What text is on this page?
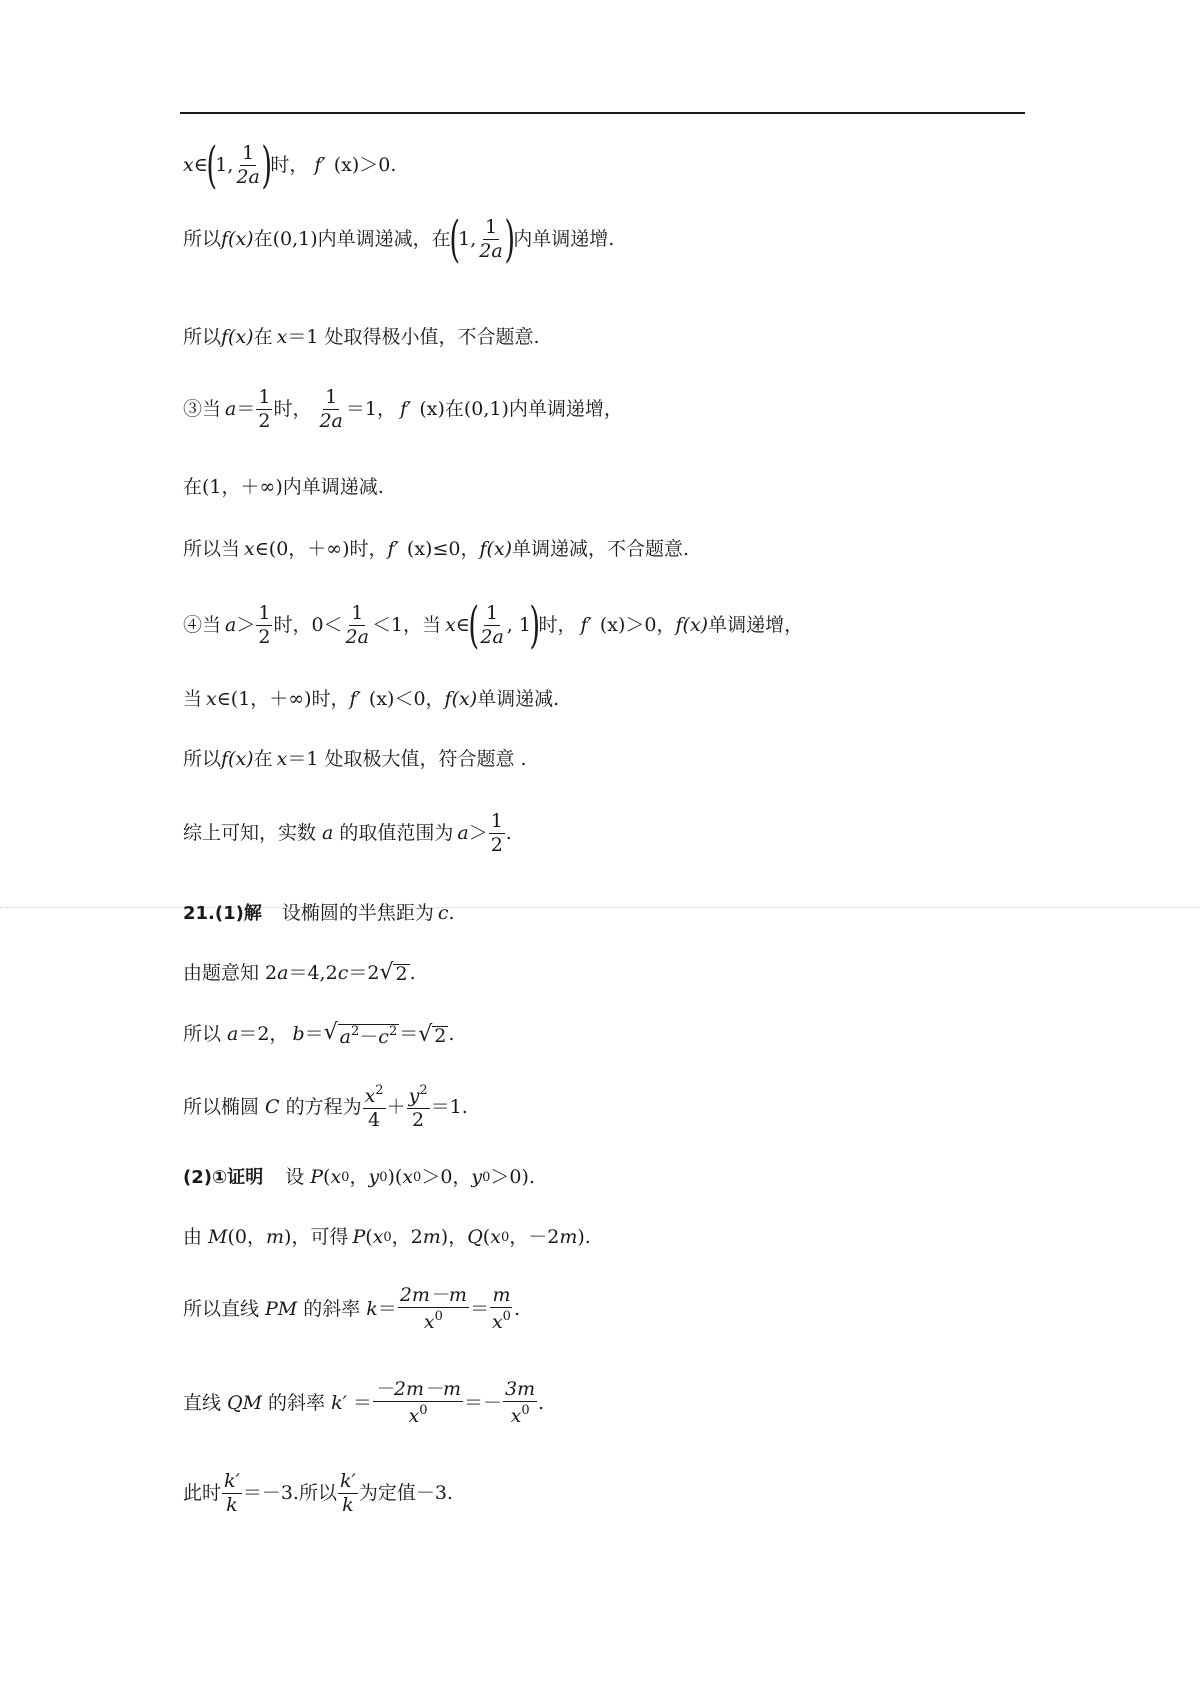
x∈
(
1, $\frac{1}{2a}$ )
时， f′ (x)＞0.
所以 f(x) 在(0,1)内单调递减，在
(
1, $\frac{1}{2a}$ )
内单调递增.
所以 f(x) 在 x ＝1 处取得极小值，不合题意.
③当 $a = \frac{1}{2}$ 时， $\frac{1}{2a} =1$， f′ (x)在(0,1)内单调递增，
在(1，＋∞)内单调递减.
所以当 x ∈(0，＋∞)时， f′ (x)≤0， f(x) 单调递减，不合题意.
④当 $a > \frac{1}{2}$ 时，$0< \frac{1}{2a} <1$，当 x ∈
( $\frac{1}{2a}$ , 1
)
时， f′ (x)＞0， f(x) 单调递增，
当 x ∈(1，＋∞)时， f′ (x)＜0， f(x) 单调递减.
所以 f(x) 在 x ＝1 处取极大值，符合题意 .
综上可知，实数 a 的取值范围为 $a > \frac{1}{2}$ .
21.(1)解 设椭圆的半焦距为 c .
由题意知 2 a ＝4,2 c ＝2 √ 2 .
所以 a ＝2， b ＝ √ $a^2-c^2$ ＝ √ 2 .
所以椭圆 C 的方程为 $\frac{x^2}{4} + \frac{y^2}{2} =1$.
(2)①证明 设 P ( x 0 ， y 0 )( x 0 ＞0， y 0 ＞0).
由 M (0， m )，可得 P ( x 0 ，2 m )， Q ( x 0 ，－2 m ).
所以直线 PM 的斜率 $k = \frac{2m-m}{x^0} = \frac{m}{x^0}$ .
直线 QM 的斜率 $k' = \frac{-2m-m}{x^0} =- \frac{3m}{x^0}$ .
此时 $\frac{k'}{k} =-3$.所以 $\frac{k'}{k}$ 为定值－3.
